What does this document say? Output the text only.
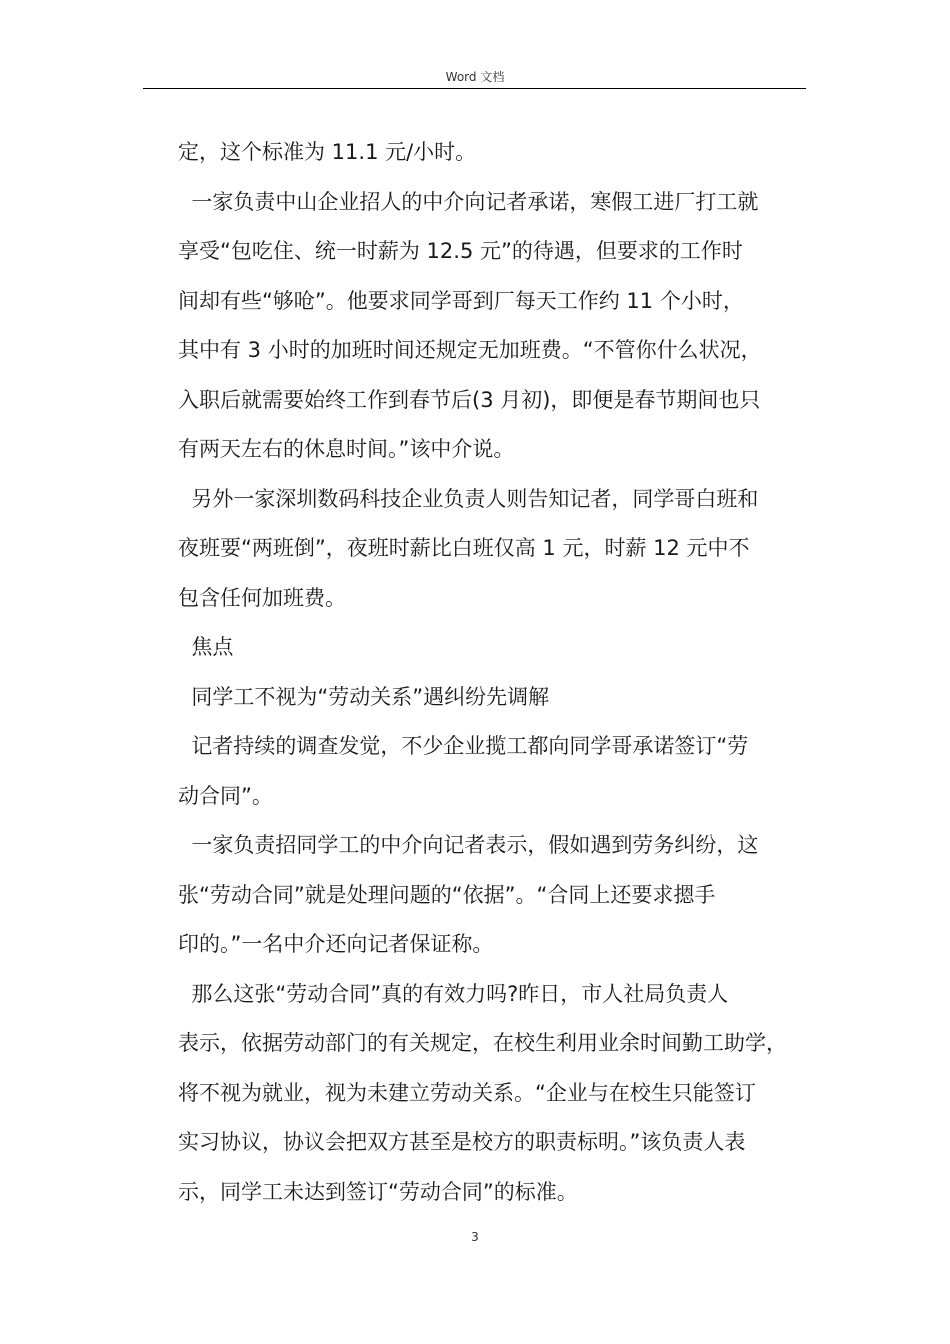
Word 文档

定，这个标准为 11.1 元/小时。

一家负责中山企业招人的中介向记者承诺，寒假工进厂打工就

享受“包吃住、统一时薪为 12.5 元”的待遇，但要求的工作时

间却有些“够呛”。他要求同学哥到厂每天工作约 11 个小时，

其中有 3 小时的加班时间还规定无加班费。“不管你什么状况，

入职后就需要始终工作到春节后(3 月初)，即便是春节期间也只

有两天左右的休息时间。”该中介说。

另外一家深圳数码科技企业负责人则告知记者，同学哥白班和

夜班要“两班倒”，夜班时薪比白班仅高 1 元，时薪 12 元中不

包含任何加班费。

焦点

同学工不视为“劳动关系”遇纠纷先调解

记者持续的调查发觉，不少企业揽工都向同学哥承诺签订“劳

动合同”。

一家负责招同学工的中介向记者表示，假如遇到劳务纠纷，这

张“劳动合同”就是处理问题的“依据”。“合同上还要求摁手

印的。”一名中介还向记者保证称。

那么这张“劳动合同”真的有效力吗?昨日，市人社局负责人

表示，依据劳动部门的有关规定，在校生利用业余时间勤工助学，

将不视为就业，视为未建立劳动关系。“企业与在校生只能签订

实习协议，协议会把双方甚至是校方的职责标明。”该负责人表

示，同学工未达到签订“劳动合同”的标准。

3
